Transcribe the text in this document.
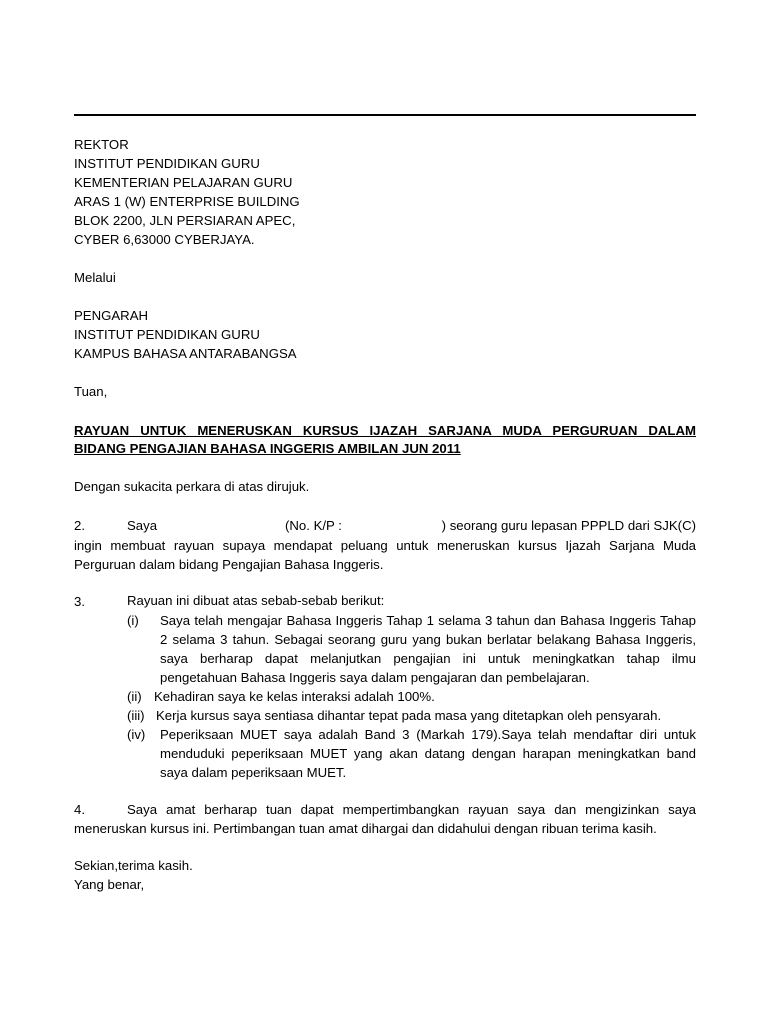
REKTOR
INSTITUT PENDIDIKAN GURU
KEMENTERIAN PELAJARAN GURU
ARAS 1 (W) ENTERPRISE BUILDING
BLOK 2200, JLN PERSIARAN APEC,
CYBER 6,63000 CYBERJAYA.
Melalui
PENGARAH
INSTITUT PENDIDIKAN GURU
KAMPUS BAHASA ANTARABANGSA
Tuan,
RAYUAN UNTUK MENERUSKAN KURSUS IJAZAH SARJANA MUDA PERGURUAN DALAM
BIDANG PENGAJIAN BAHASA INGGERIS AMBILAN JUN 2011
Dengan sukacita perkara di atas dirujuk.
2.	Saya	(No. K/P :	) seorang guru lepasan PPPLD dari SJK(C)
ingin membuat rayuan supaya mendapat peluang untuk meneruskan kursus Ijazah Sarjana Muda Perguruan dalam bidang Pengajian Bahasa Inggeris.
3.	Rayuan ini dibuat atas sebab-sebab berikut:
(i)	Saya telah mengajar Bahasa Inggeris Tahap 1 selama 3 tahun dan Bahasa Inggeris Tahap 2 selama 3 tahun. Sebagai seorang guru yang bukan berlatar belakang Bahasa Inggeris, saya berharap dapat melanjutkan pengajian ini untuk meningkatkan tahap ilmu pengetahuan Bahasa Inggeris saya dalam pengajaran dan pembelajaran.
(ii) Kehadiran saya ke kelas interaksi adalah 100%.
(iii) Kerja kursus saya sentiasa dihantar tepat pada masa yang ditetapkan oleh pensyarah.
(iv)	Peperiksaan MUET saya adalah Band 3 (Markah 179).Saya telah mendaftar diri untuk menduduki peperiksaan MUET yang akan datang dengan harapan meningkatkan band saya dalam peperiksaan MUET.
4.	Saya amat berharap tuan dapat mempertimbangkan rayuan saya dan mengizinkan saya meneruskan kursus ini. Pertimbangan tuan amat dihargai dan didahului dengan ribuan terima kasih.
Sekian,terima kasih.
Yang benar,
